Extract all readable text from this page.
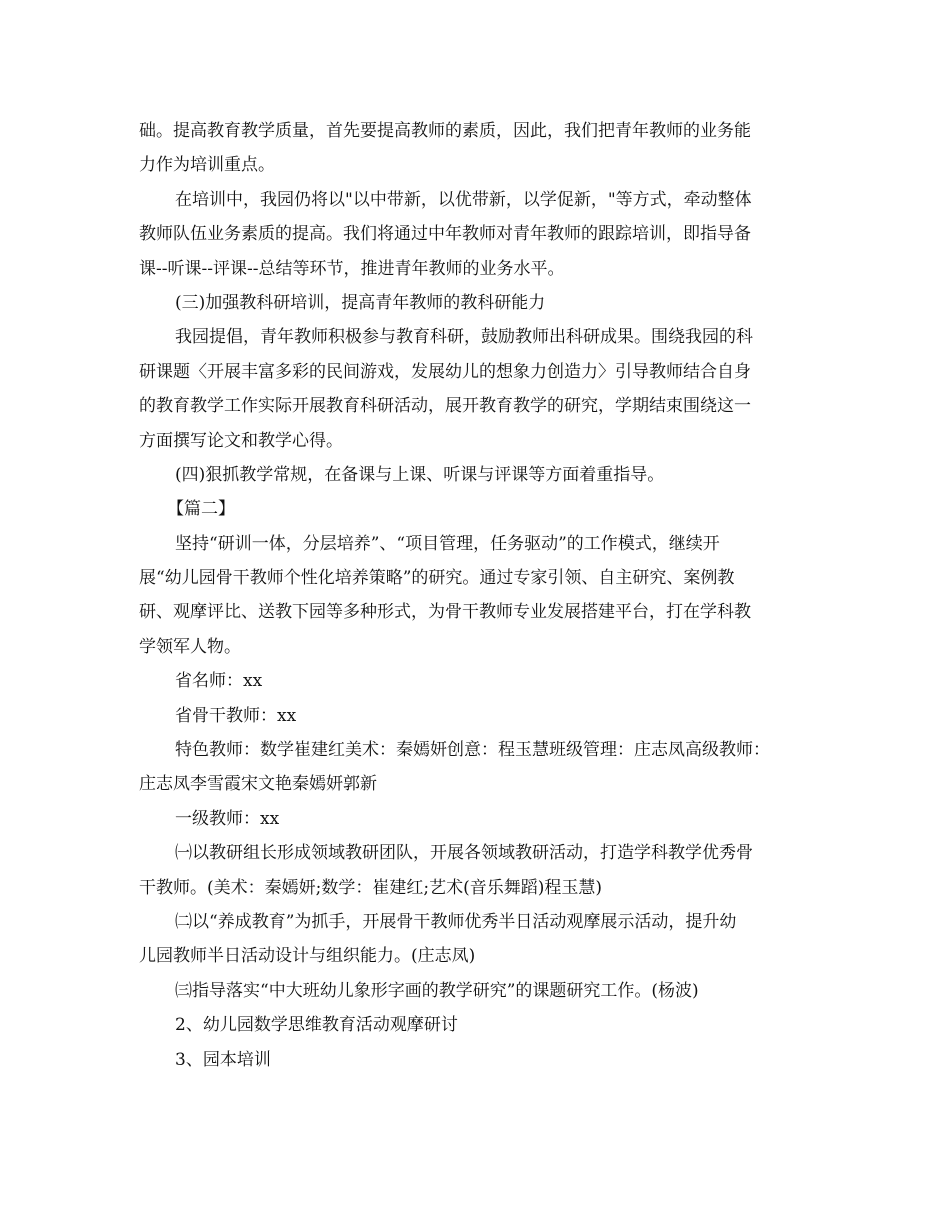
础。提高教育教学质量，首先要提高教师的素质，因此，我们把青年教师的业务能
力作为培训重点。
在培训中，我园仍将以"以中带新，以优带新，以学促新，"等方式，牵动整体
教师队伍业务素质的提高。我们将通过中年教师对青年教师的跟踪培训，即指导备
课--听课--评课--总结等环节，推进青年教师的业务水平。
(三)加强教科研培训，提高青年教师的教科研能力
我园提倡，青年教师积极参与教育科研，鼓励教师出科研成果。围绕我园的科
研课题〈开展丰富多彩的民间游戏，发展幼儿的想象力创造力〉引导教师结合自身
的教育教学工作实际开展教育科研活动，展开教育教学的研究，学期结束围绕这一
方面撰写论文和教学心得。
(四)狠抓教学常规，在备课与上课、听课与评课等方面着重指导。
【篇二】
坚持“研训一体，分层培养”、“项目管理，任务驱动”的工作模式，继续开
展“幼儿园骨干教师个性化培养策略”的研究。通过专家引领、自主研究、案例教
研、观摩评比、送教下园等多种形式，为骨干教师专业发展搭建平台，打在学科教
学领军人物。
省名师：xx
省骨干教师：xx
特色教师：数学崔建红美术：秦嫣妍创意：程玉慧班级管理：庄志凤高级教师：
庄志凤李雪霞宋文艳秦嫣妍郭新
一级教师：xx
㈠以教研组长形成领域教研团队，开展各领域教研活动，打造学科教学优秀骨
干教师。(美术：秦嫣妍;数学：崔建红;艺术(音乐舞蹈)程玉慧)
㈡以“养成教育”为抓手，开展骨干教师优秀半日活动观摩展示活动，提升幼
儿园教师半日活动设计与组织能力。(庄志凤)
㈢指导落实“中大班幼儿象形字画的教学研究”的课题研究工作。(杨波)
2、幼儿园数学思维教育活动观摩研讨
3、园本培训
